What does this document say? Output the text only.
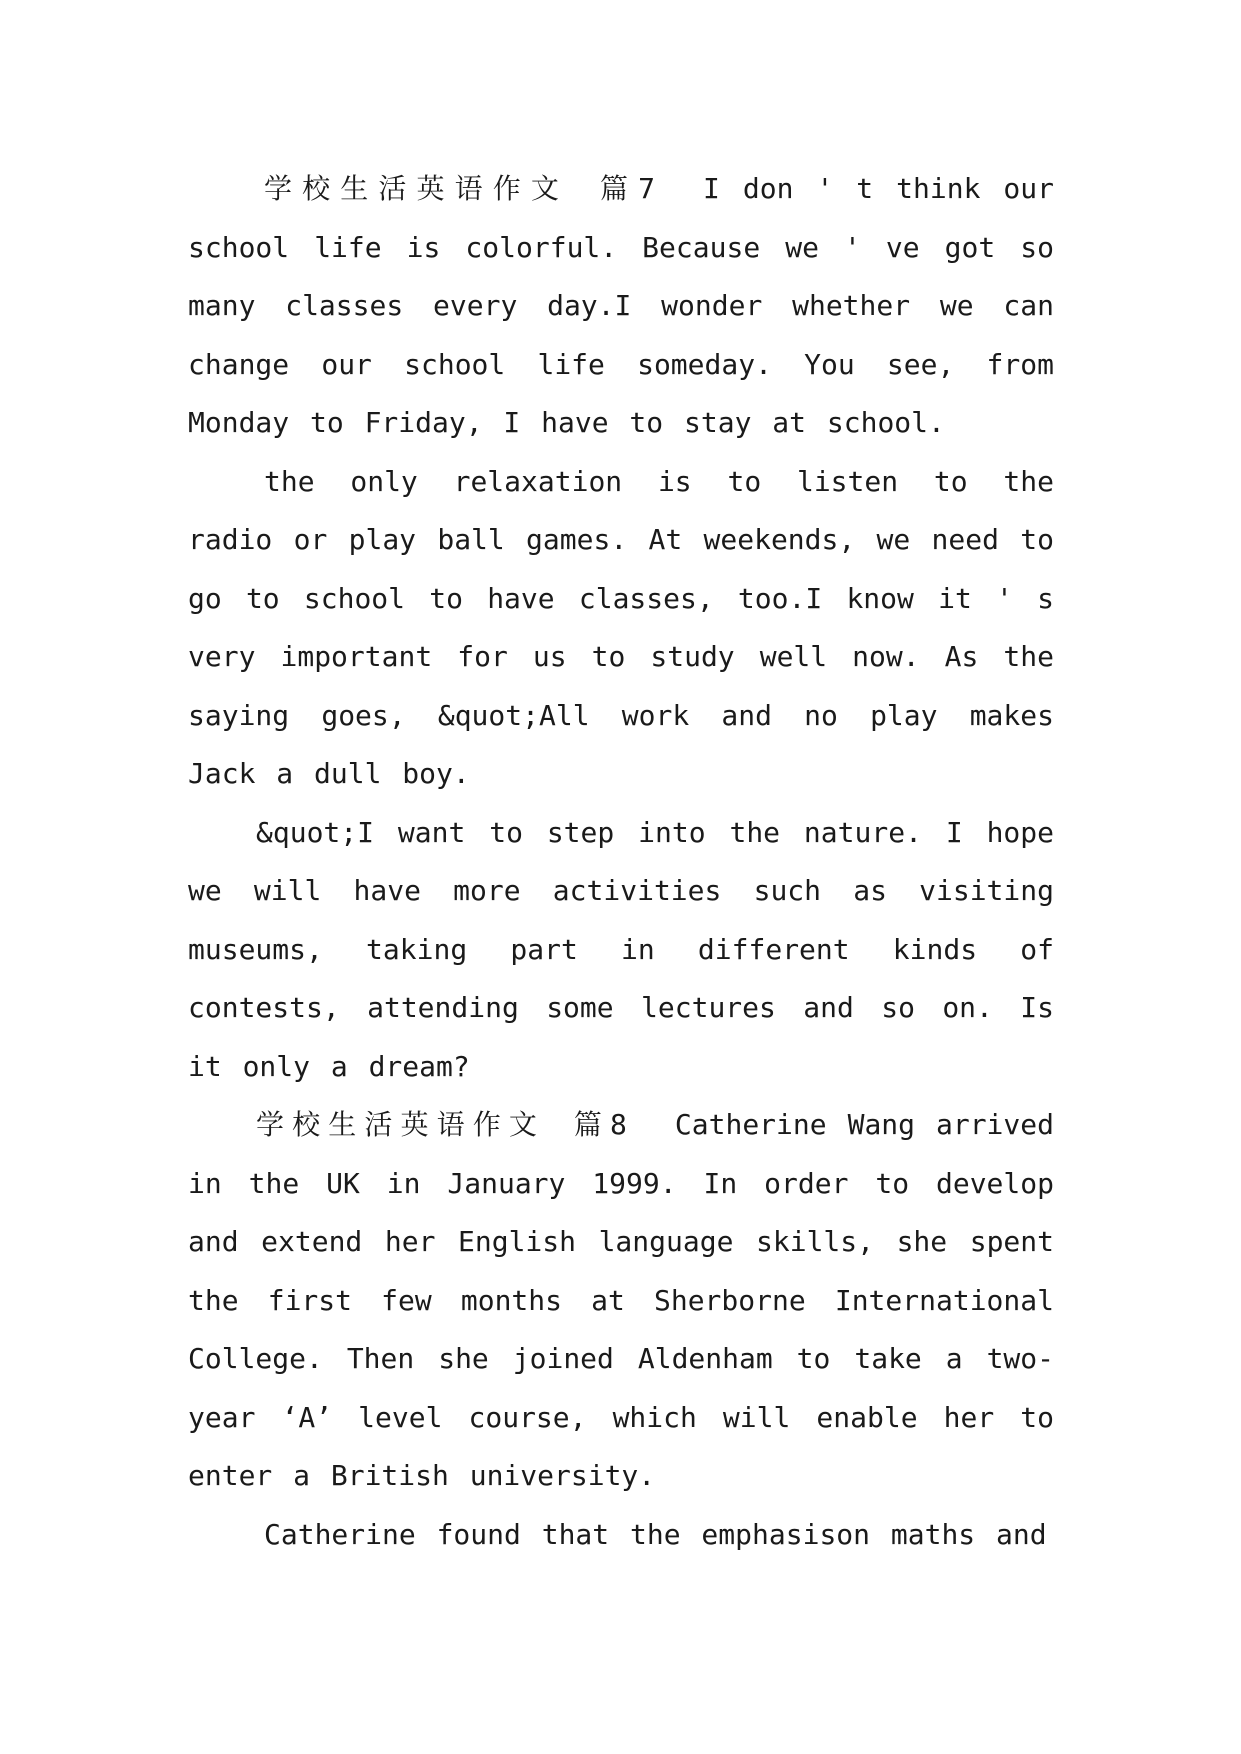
学校生活英语作文 篇7 I don ' t think our school life is colorful. Because we ' ve got so many classes every day.I wonder whether we can change our school life someday. You see, from Monday to Friday, I have to stay at school.

the only relaxation is to listen to the radio or play ball games. At weekends, we need to go to school to have classes, too.I know it ' s very important for us to study well now. As the saying goes, &quot;All work and no play makes Jack a dull boy.

&quot;I want to step into the nature. I hope we will have more activities such as visiting museums, taking part in different kinds of contests, attending some lectures and so on. Is it only a dream?

学校生活英语作文 篇8 Catherine Wang arrived in the UK in January 1999. In order to develop and extend her English language skills, she spent the first few months at Sherborne International College. Then she joined Aldenham to take a two-year ‘A’ level course, which will enable her to enter a British university.

Catherine found that the emphasison maths and
